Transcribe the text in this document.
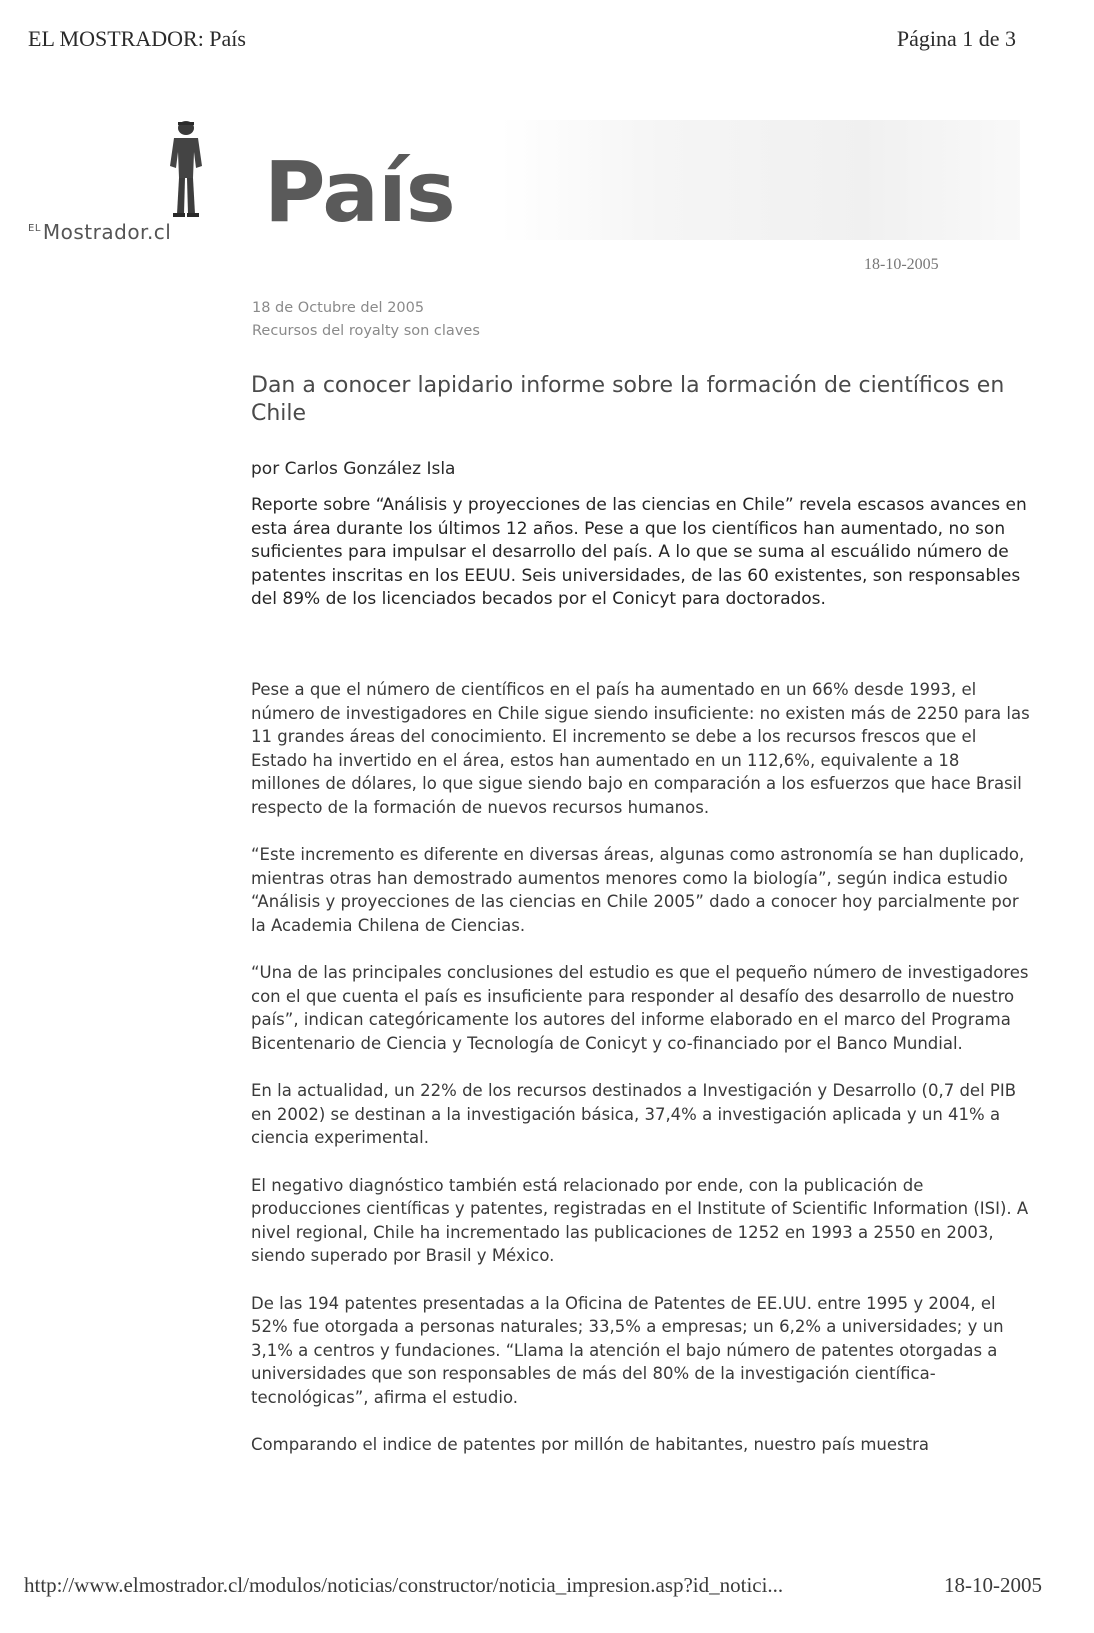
EL MOSTRADOR: País	Página 1 de 3
$^{EL}$ Mostrador.cl País
18-10-2005
18 de Octubre del 2005
Recursos del royalty son claves
Dan a conocer lapidario informe sobre la formación de científicos en Chile

por Carlos González Isla

Reporte sobre “Análisis y proyecciones de las ciencias en Chile” revela escasos avances en esta área durante los últimos 12 años. Pese a que los científicos han aumentado, no son suficientes para impulsar el desarrollo del país. A lo que se suma al escuálido número de patentes inscritas en los EEUU. Seis universidades, de las 60 existentes, son responsables del 89% de los licenciados becados por el Conicyt para doctorados.

Pese a que el número de científicos en el país ha aumentado en un 66% desde 1993, el número de investigadores en Chile sigue siendo insuficiente: no existen más de 2250 para las 11 grandes áreas del conocimiento. El incremento se debe a los recursos frescos que el Estado ha invertido en el área, estos han aumentado en un 112,6%, equivalente a 18 millones de dólares, lo que sigue siendo bajo en comparación a los esfuerzos que hace Brasil respecto de la formación de nuevos recursos humanos.

“Este incremento es diferente en diversas áreas, algunas como astronomía se han duplicado, mientras otras han demostrado aumentos menores como la biología”, según indica estudio “Análisis y proyecciones de las ciencias en Chile 2005” dado a conocer hoy parcialmente por la Academia Chilena de Ciencias.

“Una de las principales conclusiones del estudio es que el pequeño número de investigadores con el que cuenta el país es insuficiente para responder al desafío des desarrollo de nuestro país”, indican categóricamente los autores del informe elaborado en el marco del Programa Bicentenario de Ciencia y Tecnología de Conicyt y co-financiado por el Banco Mundial.

En la actualidad, un 22% de los recursos destinados a Investigación y Desarrollo (0,7 del PIB en 2002) se destinan a la investigación básica, 37,4% a investigación aplicada y un 41% a ciencia experimental.

El negativo diagnóstico también está relacionado por ende, con la publicación de producciones científicas y patentes, registradas en el Institute of Scientific Information (ISI). A nivel regional, Chile ha incrementado las publicaciones de 1252 en 1993 a 2550 en 2003, siendo superado por Brasil y México.

De las 194 patentes presentadas a la Oficina de Patentes de EE.UU. entre 1995 y 2004, el 52% fue otorgada a personas naturales; 33,5% a empresas; un 6,2% a universidades; y un 3,1% a centros y fundaciones. “Llama la atención el bajo número de patentes otorgadas a universidades que son responsables de más del 80% de la investigación científica-tecnológicas”, afirma el estudio.

Comparando el indice de patentes por millón de habitantes, nuestro país muestra

http://www.elmostrador.cl/modulos/noticias/constructor/noticia_impresion.asp?id_notici...	18-10-2005
